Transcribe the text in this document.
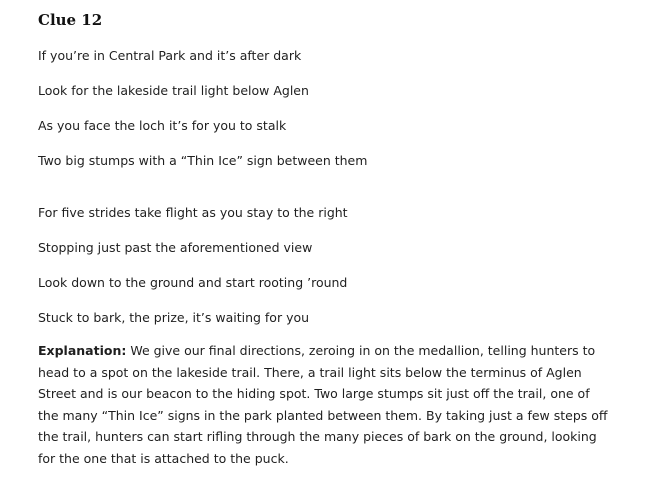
Clue 12

If you’re in Central Park and it’s after dark

Look for the lakeside trail light below Aglen

As you face the loch it’s for you to stalk

Two big stumps with a “Thin Ice” sign between them

For five strides take flight as you stay to the right

Stopping just past the aforementioned view

Look down to the ground and start rooting ’round

Stuck to bark, the prize, it’s waiting for you

Explanation: We give our final directions, zeroing in on the medallion, telling hunters to head to a spot on the lakeside trail. There, a trail light sits below the terminus of Aglen Street and is our beacon to the hiding spot. Two large stumps sit just off the trail, one of the many “Thin Ice” signs in the park planted between them. By taking just a few steps off the trail, hunters can start rifling through the many pieces of bark on the ground, looking for the one that is attached to the puck.
